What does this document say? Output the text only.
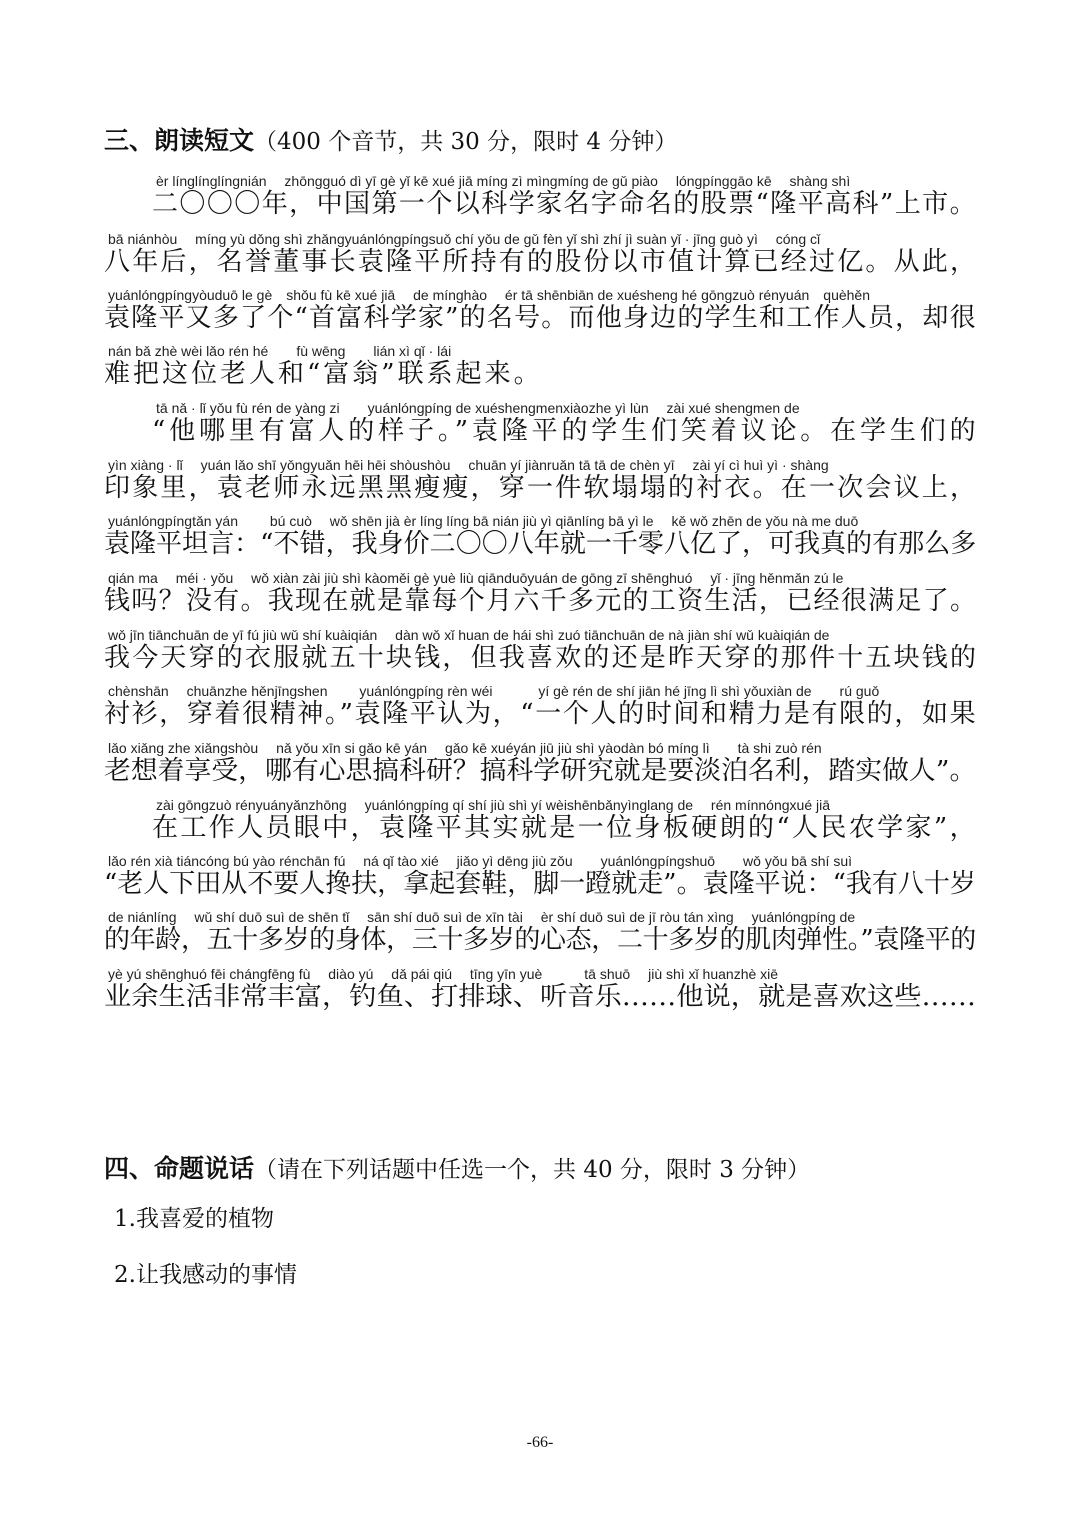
三、朗读短文（400 个音节，共 30 分，限时 4 分钟）
èr línglínglíngnián　 zhōngguó dì yī gè yǐ kē xué jiā míng zì mìngmíng de gǔ piào　 lóngpínggāo kē　 shàng shì
二〇〇〇年，中国第一个以科学家名字命名的股票“隆平高科”上市。
bā niánhòu　 míng yù dǒng shì zhǎngyuánlóngpíngsuǒ chí yǒu de gǔ fèn yǐ shì zhí jì suàn yǐ · jīng guò yì　 cóng cǐ
八年后，名誉董事长袁隆平所持有的股份以市值计算已经过亿。从此，
yuánlóngpíngyòuduō le gè　shǒu fù kē xué jiā　 de mínghào　 ér tā shēnbiān de xuésheng hé gōngzuò rényuán　quèhěn
袁隆平又多了个“首富科学家”的名号。而他身边的学生和工作人员，却很
nán bǎ zhè wèi lǎo rén hé　　fù wēng　　lián xì qǐ · lái
难把这位老人和“富翁”联系起来。
tā nǎ · lǐ yǒu fù rén de yàng zi　　yuánlóngpíng de xuéshengmenxiàozhe yì lùn　 zài xué shengmen de
“他哪里有富人的样子。”袁隆平的学生们笑着议论。在学生们的
yìn xiàng · lǐ　 yuán lǎo shī yǒngyuǎn hēi hēi shòushòu　 chuān yí jiànruǎn tā tā de chèn yī　 zài yí cì huì yì · shàng
印象里，袁老师永远黑黑瘦瘦，穿一件软塌塌的衬衣。在一次会议上，
yuánlóngpíngtǎn yán　　 bú cuò　 wǒ shēn jià èr líng líng bā nián jiù yì qiānlíng bā yì le　 kě wǒ zhēn de yǒu nà me duō
袁隆平坦言：“不错，我身价二〇〇八年就一千零八亿了，可我真的有那么多
qián ma　 méi · yǒu　 wǒ xiàn zài jiù shì kàoměi gè yuè liù qiānduōyuán de gōng zī shēnghuó　 yǐ · jīng hěnmǎn zú le
钱吗？没有。我现在就是靠每个月六千多元的工资生活，已经很满足了。
wǒ jīn tiānchuān de yī fú jiù wǔ shí kuàiqián　 dàn wǒ xǐ huan de hái shì zuó tiānchuān de nà jiàn shí wǔ kuàiqián de
我今天穿的衣服就五十块钱，但我喜欢的还是昨天穿的那件十五块钱的
chènshān　 chuānzhe hěnjīngshen　　 yuánlóngpíng rèn wéi　　　 yí gè rén de shí jiān hé jīng lì shì yǒuxiàn de　　rú guǒ
衬衫，穿着很精神。”袁隆平认为，“一个人的时间和精力是有限的，如果
lǎo xiǎng zhe xiǎngshòu　 nǎ yǒu xīn si gǎo kē yán　 gǎo kē xuéyán jiū jiù shì yàodàn bó míng lì　　tà shi zuò rén
老想着享受，哪有心思搞科研？搞科学研究就是要淡泊名利，踏实做人”。
zài gōngzuò rényuányǎnzhōng　 yuánlóngpíng qí shí jiù shì yí wèishēnbǎnyìnglang de　 rén mínnóngxué jiā
在工作人员眼中，袁隆平其实就是一位身板硬朗的“人民农学家”，
lǎo rén xià tiáncóng bú yào rénchān fú　 ná qǐ tào xié　 jiǎo yì dēng jiù zǒu　　yuánlóngpíngshuō　　wǒ yǒu bā shí suì
“老人下田从不要人搀扶，拿起套鞋，脚一蹬就走”。袁隆平说：“我有八十岁
de niánlíng　 wǔ shí duō suì de shēn tǐ　 sān shí duō suì de xīn tài　 èr shí duō suì de jī ròu tán xìng　 yuánlóngpíng de
的年龄，五十多岁的身体，三十多岁的心态，二十多岁的肌肉弹性。”袁隆平的
yè yú shēnghuó fēi chángfēng fù　 diào yú　 dǎ pái qiú　 tīng yīn yuè　　　tā shuō　 jiù shì xǐ huanzhè xiē
业余生活非常丰富，钓鱼、打排球、听音乐……他说，就是喜欢这些……
四、命题说话（请在下列话题中任选一个，共 40 分，限时 3 分钟）
1.我喜爱的植物
2.让我感动的事情
-66-
